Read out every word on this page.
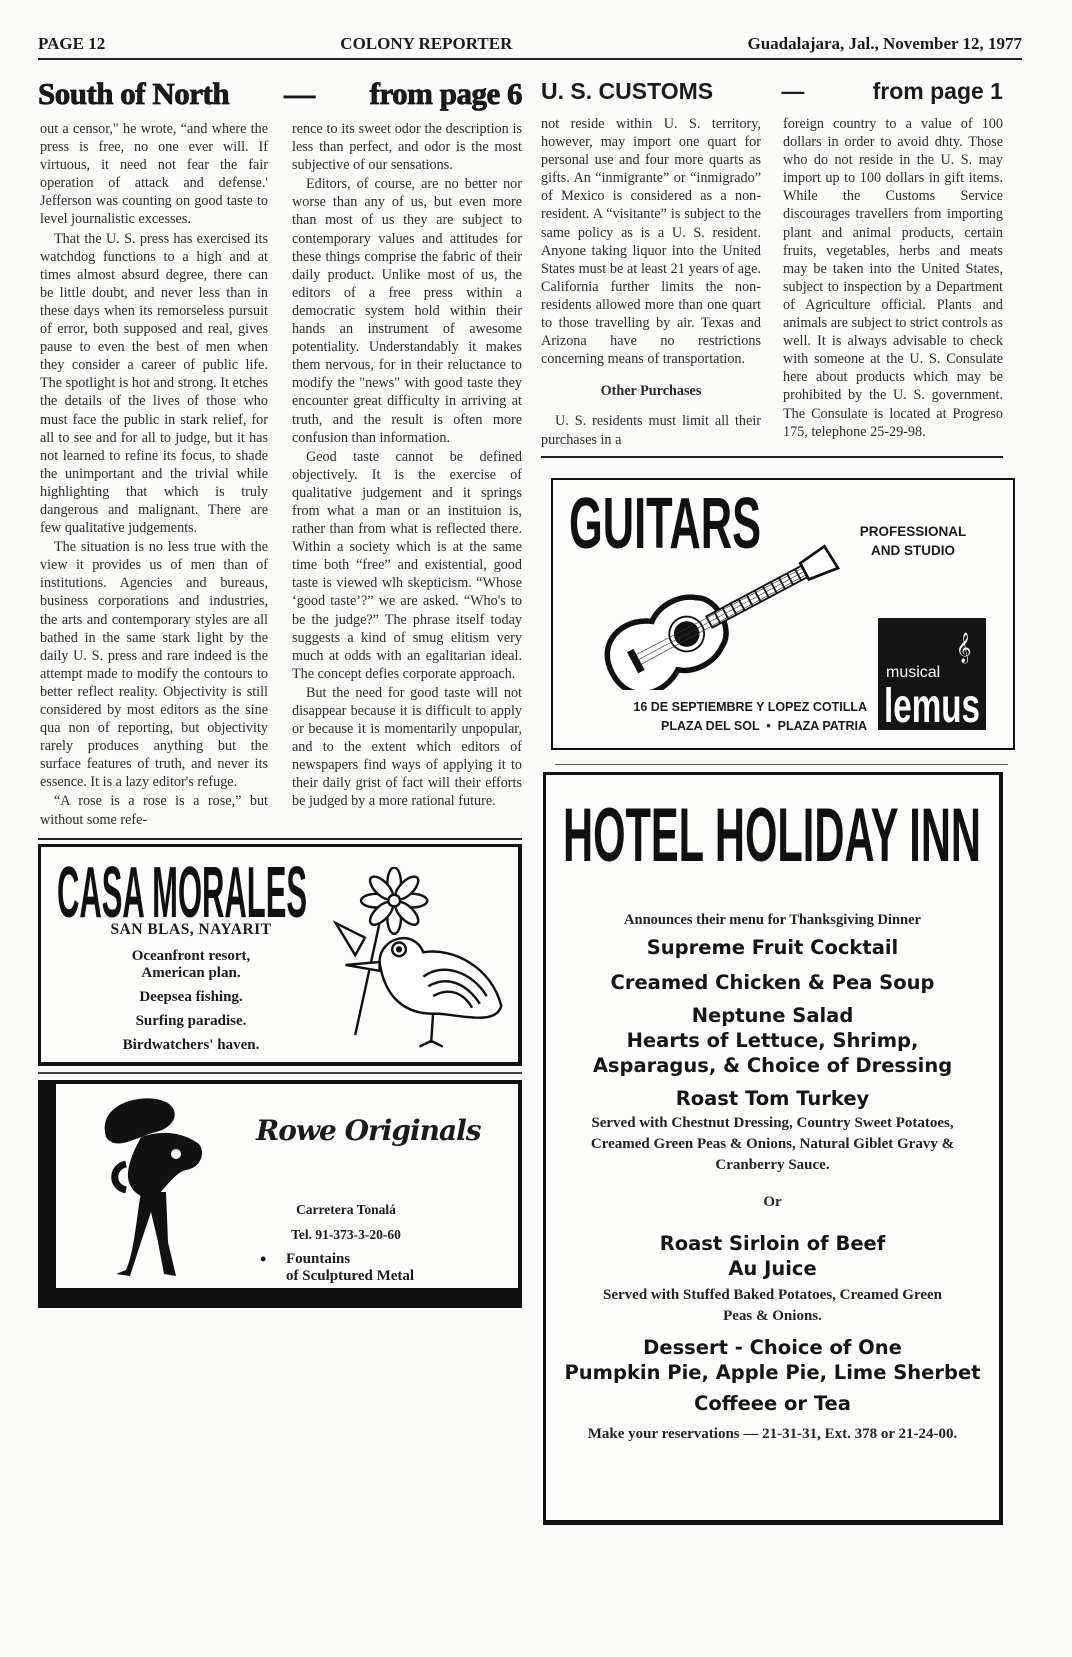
PAGE 12	COLONY REPORTER	Guadalajara, Jal., November 12, 1977
South of North — from page 6

out a censor," he wrote, “and where the press is free, no one ever will. If virtuous, it need not fear the fair operation of attack and defense.' Jefferson was counting on good taste to level journalistic excesses.

That the U. S. press has exercised its watchdog functions to a high and at times almost absurd degree, there can be little doubt, and never less than in these days when its remorseless pursuit of error, both supposed and real, gives pause to even the best of men when they consider a career of public life. The spotlight is hot and strong. It etches the details of the lives of those who must face the public in stark relief, for all to see and for all to judge, but it has not learned to refine its focus, to shade the unimportant and the trivial while highlighting that which is truly dangerous and malignant. There are few qualitative judgements.

The situation is no less true with the view it provides us of men than of institutions. Agencies and bureaus, business corporations and industries, the arts and contemporary styles are all bathed in the same stark light by the daily U. S. press and rare indeed is the attempt made to modify the contours to better reflect reality. Objectivity is still considered by most editors as the sine qua non of reporting, but objectivity rarely produces anything but the surface features of truth, and never its essence. It is a lazy editor's refuge.

“A rose is a rose is a rose,” but without some refe-

rence to its sweet odor the description is less than perfect, and odor is the most subjective of our sensations.

Editors, of course, are no better nor worse than any of us, but even more than most of us they are subject to contemporary values and attitudes for these things comprise the fabric of their daily product. Unlike most of us, the editors of a free press within a democratic system hold within their hands an instrument of awesome potentiality. Understandably it makes them nervous, for in their reluctance to modify the "news" with good taste they encounter great difficulty in arriving at truth, and the result is often more confusion than information.

Geod taste cannot be defined objectively. It is the exercise of qualitative judgement and it springs from what a man or an instituion is, rather than from what is reflected there. Within a society which is at the same time both “free” and existential, good taste is viewed wlh skepticism. “Whose ‘good taste’?” we are asked. “Who's to be the judge?” The phrase itself today suggests a kind of smug elitism very much at odds with an egalitarian ideal. The concept defies corporate approach.

But the need for good taste will not disappear because it is difficult to apply or because it is momentarily unpopular, and to the extent which editors of newspapers find ways of applying it to their daily grist of fact will their efforts be judged by a more rational future.

CASA MORALES
SAN BLAS, NAYARIT
Oceanfront resort,
American plan.
Deepsea fishing.
Surfing paradise.
Birdwatchers' haven.
Rowe Originals
Carretera Tonalá
Tel. 91-373-3-20-60
• Fountains
of Sculptured Metal
U. S. CUSTOMS	—	from page 1

not reside within U. S. territory, however, may import one quart for personal use and four more quarts as gifts. An “inmigrante” or “inmigrado” of Mexico is considered as a non-resident. A “visitante” is subject to the same policy as is a U. S. resident. Anyone taking liquor into the United States must be at least 21 years of age. California further limits the non-residents allowed more than one quart to those travelling by air. Texas and Arizona have no restrictions concerning means of transportation.

Other Purchases

U. S. residents must limit all their purchases in a

foreign country to a value of 100 dollars in order to avoid dhty. Those who do not reside in the U. S. may import up to 100 dollars in gift items. While the Customs Service discourages travellers from importing plant and animal products, certain fruits, vegetables, herbs and meats may be taken into the United States, subject to inspection by a Department of Agriculture official. Plants and animals are subject to strict controls as well. It is always advisable to check with someone at the U. S. Consulate here about products which may be prohibited by the U. S. government. The Consulate is located at Progreso 175, telephone 25-29-98.

GUITARS	PROFESSIONAL
AND STUDIO
16 DE SEPTIEMBRE Y LOPEZ COTILLA
PLAZA DEL SOL  •  PLAZA PATRIA
𝄞
musical
lemus
HOTEL HOLIDAY INN
Announces their menu for Thanksgiving Dinner
Supreme Fruit Cocktail
Creamed Chicken & Pea Soup
Neptune Salad
Hearts of Lettuce, Shrimp,
Asparagus, & Choice of Dressing
Roast Tom Turkey
Served with Chestnut Dressing, Country Sweet Potatoes, Creamed Green Peas & Onions, Natural Giblet Gravy & Cranberry Sauce.
Or
Roast Sirloin of Beef
Au Juice
Served with Stuffed Baked Potatoes, Creamed Green Peas & Onions.
Dessert - Choice of One
Pumpkin Pie, Apple Pie, Lime Sherbet
Coffeee or Tea
Make your reservations — 21-31-31, Ext. 378 or 21-24-00.
